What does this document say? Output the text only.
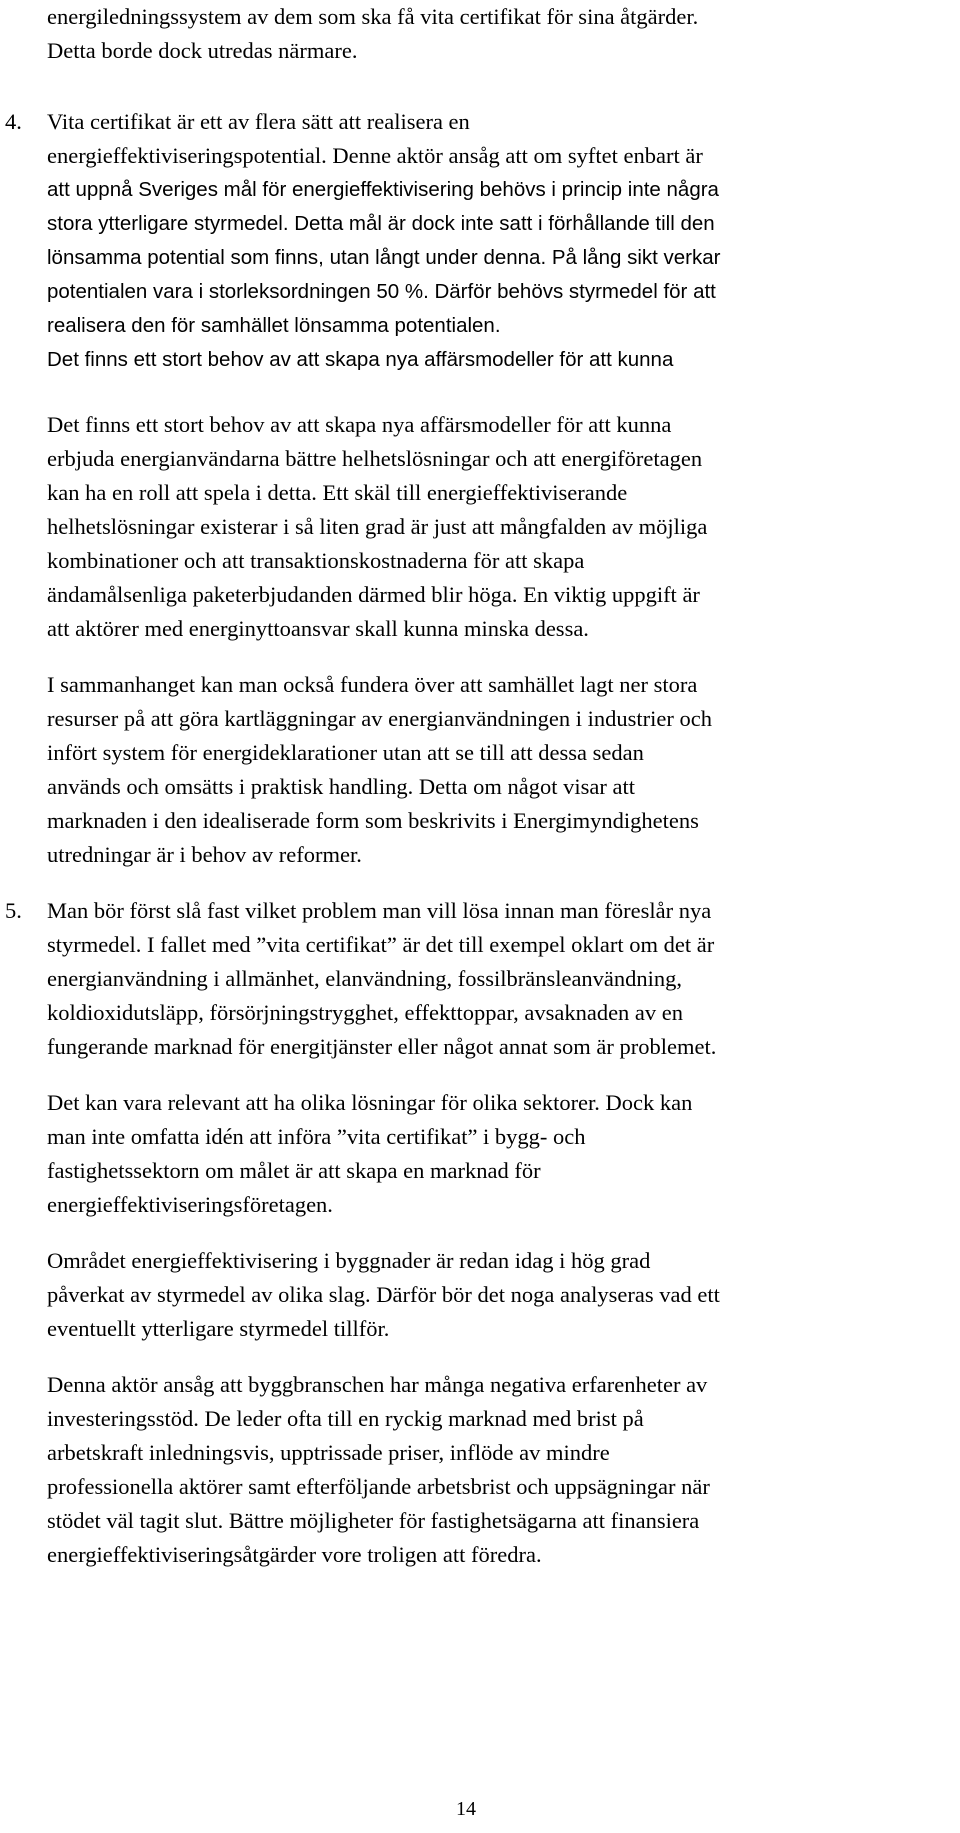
energiledningssystem av dem som ska få vita certifikat för sina åtgärder.
Detta borde dock utredas närmare.
4. Vita certifikat är ett av flera sätt att realisera en
energieffektiviseringspotential. Denne aktör ansåg att om syftet enbart är
att uppnå Sveriges mål för energieffektivisering behövs i princip inte några
stora ytterligare styrmedel. Detta mål är dock inte satt i förhållande till den
lönsamma potential som finns, utan långt under denna. På lång sikt verkar
potentialen vara i storleksordningen 50 %. Därför behövs styrmedel för att
realisera den för samhället lönsamma potentialen.
Det finns ett stort behov av att skapa nya affärsmodeller för att kunna
Det finns ett stort behov av att skapa nya affärsmodeller för att kunna
erbjuda energianvändarna bättre helhetslösningar och att energiföretagen
kan ha en roll att spela i detta. Ett skäl till energieffektiviserande
helhetslösningar existerar i så liten grad är just att mångfalden av möjliga
kombinationer och att transaktionskostnaderna för att skapa
ändamålsenliga paketerbjudanden därmed blir höga. En viktig uppgift är
att aktörer med energinyttoansvar skall kunna minska dessa.
I sammanhanget kan man också fundera över att samhället lagt ner stora
resurser på att göra kartläggningar av energianvändningen i industrier och
infört system för energideklarationer utan att se till att dessa sedan
används och omsätts i praktisk handling. Detta om något visar att
marknaden i den idealiserade form som beskrivits i Energimyndighetens
utredningar är i behov av reformer.
5. Man bör först slå fast vilket problem man vill lösa innan man föreslår nya
styrmedel. I fallet med ”vita certifikat” är det till exempel oklart om det är
energianvändning i allmänhet, elanvändning, fossilbränsleanvändning,
koldioxidutsläpp, försörjningstrygghet, effekttoppar, avsaknaden av en
fungerande marknad för energitjänster eller något annat som är problemet.
Det kan vara relevant att ha olika lösningar för olika sektorer. Dock kan
man inte omfatta idén att införa ”vita certifikat” i bygg- och
fastighetssektorn om målet är att skapa en marknad för
energieffektiviseringsföretagen.
Området energieffektivisering i byggnader är redan idag i hög grad
påverkat av styrmedel av olika slag. Därför bör det noga analyseras vad ett
eventuellt ytterligare styrmedel tillför.
Denna aktör ansåg att byggbranschen har många negativa erfarenheter av
investeringsstöd. De leder ofta till en ryckig marknad med brist på
arbetskraft inledningsvis, upptrissade priser, inflöde av mindre
professionella aktörer samt efterföljande arbetsbrist och uppsägningar när
stödet väl tagit slut. Bättre möjligheter för fastighetsägarna att finansiera
energieffektiviseringsåtgärder vore troligen att föredra.
14
